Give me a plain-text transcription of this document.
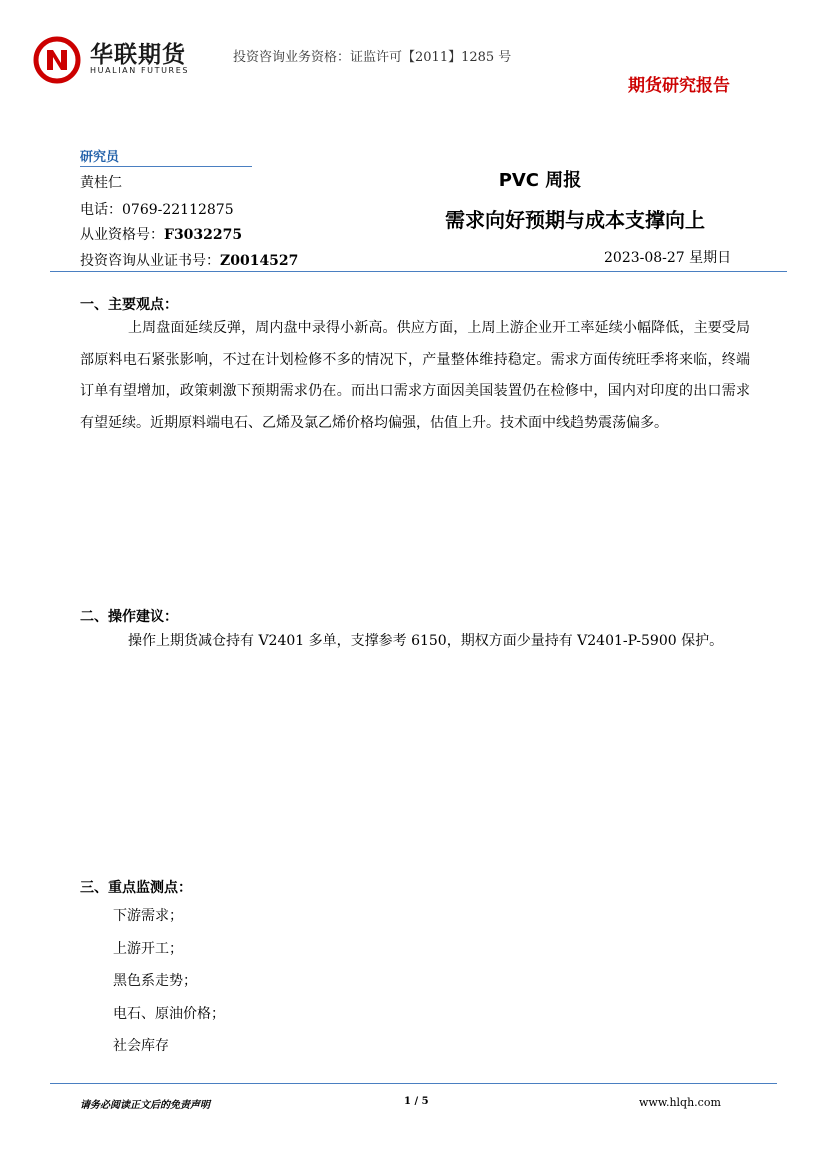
华联期货
HUALIAN FUTURES
投资咨询业务资格：证监许可【2011】1285 号
期货研究报告
研究员
黄桂仁
电话：0769-22112875
从业资格号：F3032275
投资咨询从业证书号：Z0014527
PVC 周报
需求向好预期与成本支撑向上
2023-08-27 星期日
一、主要观点：

上周盘面延续反弹，周内盘中录得小新高。供应方面，上周上游企业开工率延续小幅降低，主要受局部原料电石紧张影响，不过在计划检修不多的情况下，产量整体维持稳定。需求方面传统旺季将来临，终端订单有望增加，政策刺激下预期需求仍在。而出口需求方面因美国装置仍在检修中，国内对印度的出口需求有望延续。近期原料端电石、乙烯及氯乙烯价格均偏强，估值上升。技术面中线趋势震荡偏多。

二、操作建议：

操作上期货减仓持有 V2401 多单，支撑参考 6150，期权方面少量持有 V2401-P-5900 保护。

三、重点监测点：
下游需求；
上游开工；
黑色系走势；
电石、原油价格；
社会库存
请务必阅读正文后的免责声明	1 / 5	www.hlqh.com
